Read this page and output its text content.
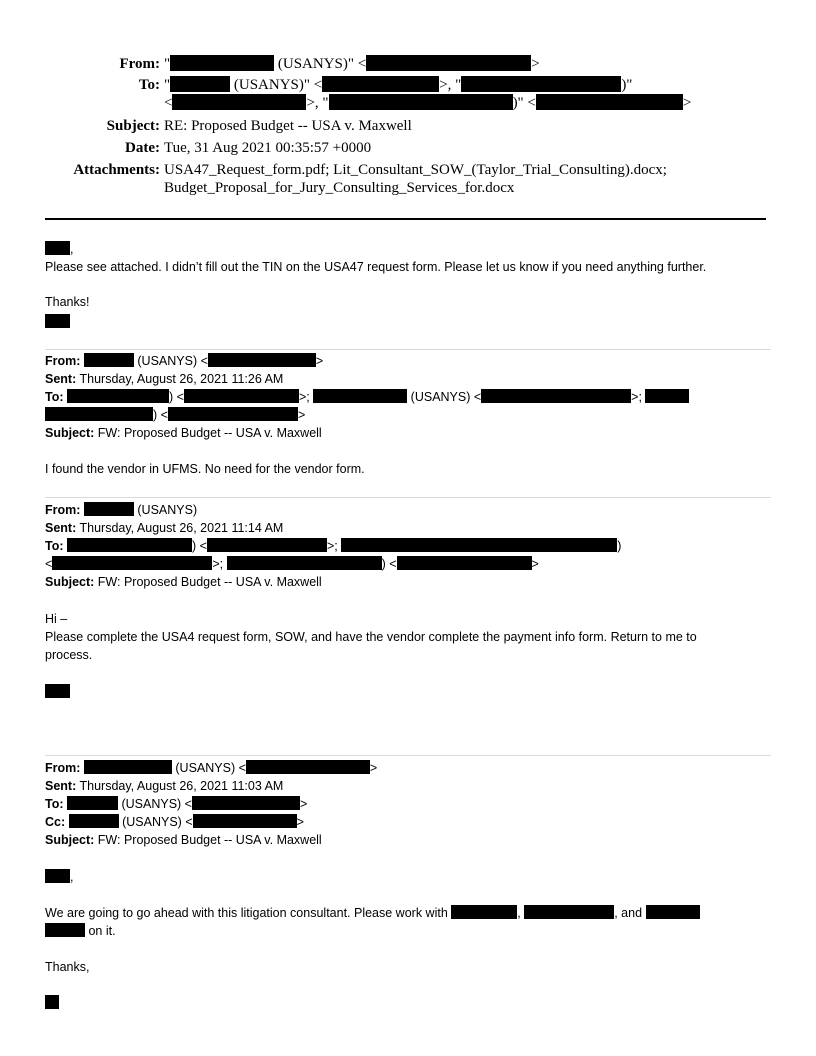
From: "	(USANYS)" <	>
To: "	(USANYS)" <	>, "	)"
<	>, "	)" <	>
Subject: RE: Proposed Budget -- USA v. Maxwell
Date: Tue, 31 Aug 2021 00:35:57 +0000
Attachments: USA47_Request_form.pdf; Lit_Consultant_SOW_(Taylor_Trial_Consulting).docx;
Budget_Proposal_for_Jury_Consulting_Services_for.docx
,
Please see attached. I didn’t fill out the TIN on the USA47 request form. Please let us know if you need anything further.
Thanks!
From:	(USANYS) <	>
Sent: Thursday, August 26, 2021 11:26 AM
To:	) <	>;	(USANYS) <	>;
) <	>
Subject: FW: Proposed Budget -- USA v. Maxwell
I found the vendor in UFMS. No need for the vendor form.
From:	(USANYS)
Sent: Thursday, August 26, 2021 11:14 AM
To:	) <	>;	)
<	>;	) <	>
Subject: FW: Proposed Budget -- USA v. Maxwell
Hi –
Please complete the USA4 request form, SOW, and have the vendor complete the payment info form. Return to me to
process.
From:	(USANYS) <	>
Sent: Thursday, August 26, 2021 11:03 AM
To:	(USANYS) <	>
Cc:	(USANYS) <	>
Subject: FW: Proposed Budget -- USA v. Maxwell
,
We are going to go ahead with this litigation consultant. Please work with	,	, and
on it.
Thanks,
